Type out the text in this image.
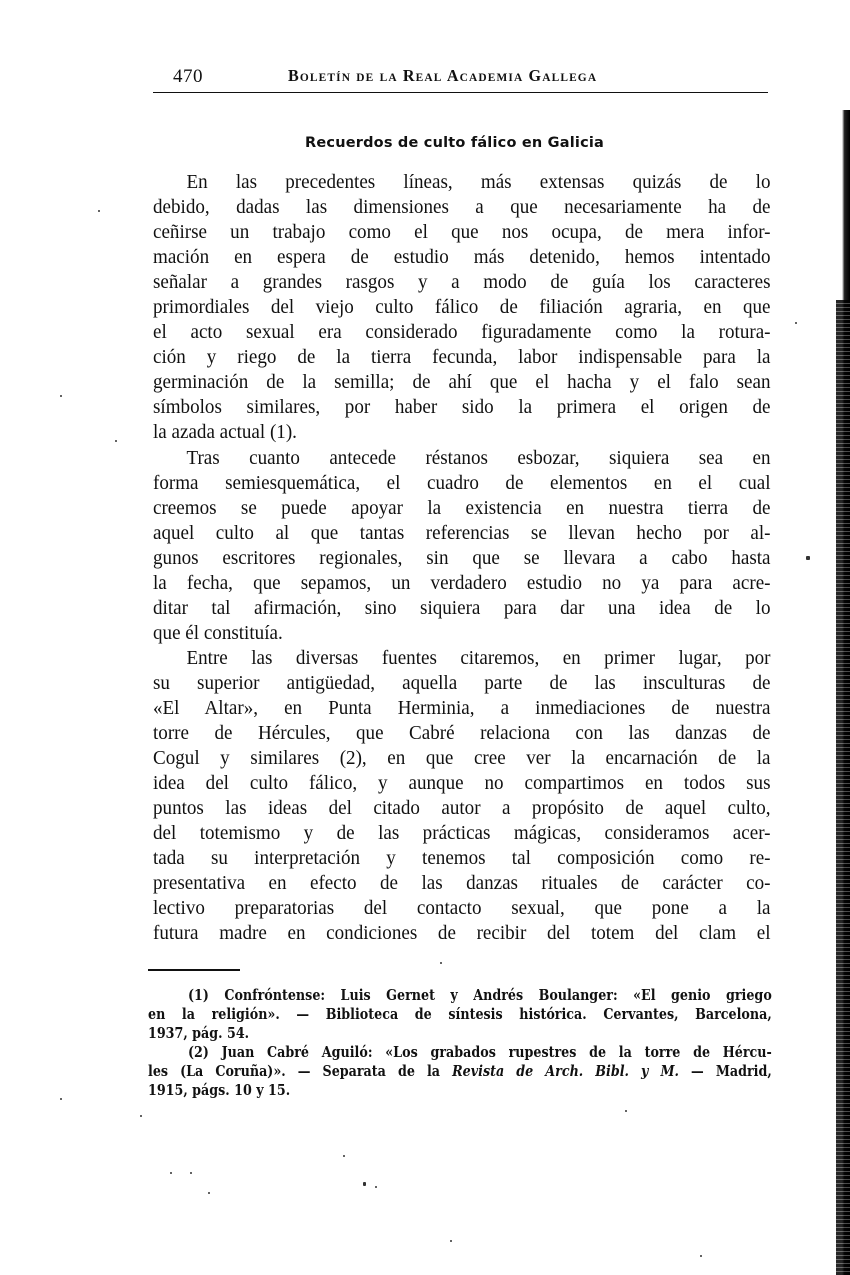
470	Boletín de la Real Academia Gallega
Recuerdos de culto fálico en Galicia
En las precedentes líneas, más extensas quizás de lo
debido, dadas las dimensiones a que necesariamente ha de
ceñirse un trabajo como el que nos ocupa, de mera infor-
mación en espera de estudio más detenido, hemos intentado
señalar a grandes rasgos y a modo de guía los caracteres
primordiales del viejo culto fálico de filiación agraria, en que
el acto sexual era considerado figuradamente como la rotura-
ción y riego de la tierra fecunda, labor indispensable para la
germinación de la semilla; de ahí que el hacha y el falo sean
símbolos similares, por haber sido la primera el origen de
la azada actual (1).
Tras cuanto antecede réstanos esbozar, siquiera sea en
forma semiesquemática, el cuadro de elementos en el cual
creemos se puede apoyar la existencia en nuestra tierra de
aquel culto al que tantas referencias se llevan hecho por al-
gunos escritores regionales, sin que se llevara a cabo hasta
la fecha, que sepamos, un verdadero estudio no ya para acre-
ditar tal afirmación, sino siquiera para dar una idea de lo
que él constituía.
Entre las diversas fuentes citaremos, en primer lugar, por
su superior antigüedad, aquella parte de las insculturas de
«El Altar», en Punta Herminia, a inmediaciones de nuestra
torre de Hércules, que Cabré relaciona con las danzas de
Cogul y similares (2), en que cree ver la encarnación de la
idea del culto fálico, y aunque no compartimos en todos sus
puntos las ideas del citado autor a propósito de aquel culto,
del totemismo y de las prácticas mágicas, consideramos acer-
tada su interpretación y tenemos tal composición como re-
presentativa en efecto de las danzas rituales de carácter co-
lectivo preparatorias del contacto sexual, que pone a la
futura madre en condiciones de recibir del totem del clam el
(1) Confróntense: Luis Gernet y Andrés Boulanger: «El genio griego
en la religión». — Biblioteca de síntesis histórica. Cervantes, Barcelona,
1937, pág. 54.
(2) Juan Cabré Aguiló: «Los grabados rupestres de la torre de Hércu-
les (La Coruña)». — Separata de la Revista de Arch. Bibl. y M. — Madrid,
1915, págs. 10 y 15.
